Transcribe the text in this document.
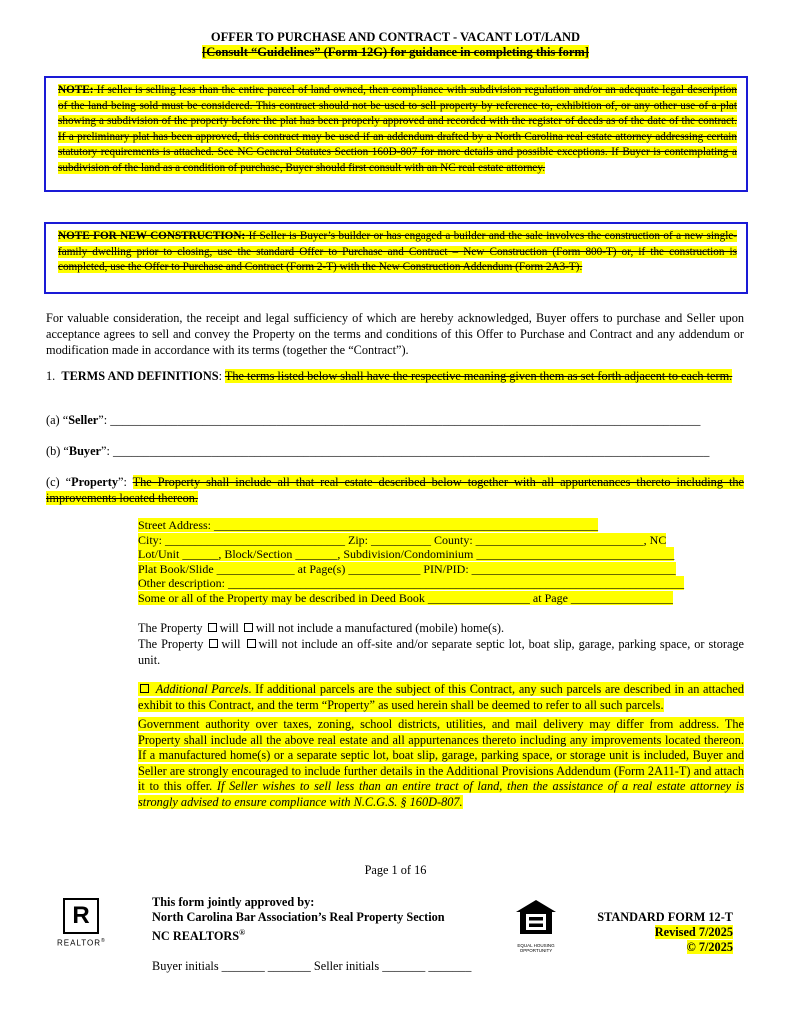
OFFER TO PURCHASE AND CONTRACT - VACANT LOT/LAND
[Consult “Guidelines” (Form 12G) for guidance in completing this form]
NOTE: If seller is selling less than the entire parcel of land owned, then compliance with subdivision regulation and/or an adequate legal description of the land being sold must be considered. This contract should not be used to sell property by reference to, exhibition of, or any other use of a plat showing a subdivision of the property before the plat has been properly approved and recorded with the register of deeds as of the date of the contract. If a preliminary plat has been approved, this contract may be used if an addendum drafted by a North Carolina real estate attorney addressing certain statutory requirements is attached. See NC General Statutes Section 160D-807 for more details and possible exceptions. If Buyer is contemplating a subdivision of the land as a condition of purchase, Buyer should first consult with an NC real estate attorney.
NOTE FOR NEW CONSTRUCTION: If Seller is Buyer’s builder or has engaged a builder and the sale involves the construction of a new single-family dwelling prior to closing, use the standard Offer to Purchase and Contract – New Construction (Form 800-T) or, if the construction is completed, use the Offer to Purchase and Contract (Form 2-T) with the New Construction Addendum (Form 2A3-T).
For valuable consideration, the receipt and legal sufficiency of which are hereby acknowledged, Buyer offers to purchase and Seller upon acceptance agrees to sell and convey the Property on the terms and conditions of this Offer to Purchase and Contract and any addendum or modification made in accordance with its terms (together the “Contract”).
1. TERMS AND DEFINITIONS: The terms listed below shall have the respective meaning given them as set forth adjacent to each term.
(a) “Seller”: ________________________________________________________________________________________________
(b) “Buyer”: _________________________________________________________________________________________________
(c) “Property”: The Property shall include all that real estate described below together with all appurtenances thereto including the improvements located thereon.
Street Address: ________________________________________________________________
City: ______________________________ Zip: __________ County: ____________________________, NC
Lot/Unit ______, Block/Section _______, Subdivision/Condominium _________________________________
Plat Book/Slide _____________ at Page(s) ____________ PIN/PID: __________________________________
Other description: ____________________________________________________________________________
Some or all of the Property may be described in Deed Book _________________ at Page _________________
The Property will will not include a manufactured (mobile) home(s).
The Property will will not include an off-site and/or separate septic lot, boat slip, garage, parking space, or storage unit.
Additional Parcels. If additional parcels are the subject of this Contract, any such parcels are described in an attached exhibit to this Contract, and the term “Property” as used herein shall be deemed to refer to all such parcels.
Government authority over taxes, zoning, school districts, utilities, and mail delivery may differ from address. The Property shall include all the above real estate and all appurtenances thereto including any improvements located thereon. If a manufactured home(s) or a separate septic lot, boat slip, garage, parking space, or storage unit is included, Buyer and Seller are strongly encouraged to include further details in the Additional Provisions Addendum (Form 2A11-T) and attach it to this offer. If Seller wishes to sell less than an entire tract of land, then the assistance of a real estate attorney is strongly advised to ensure compliance with N.C.G.S. § 160D-807.
Page 1 of 16
R
REALTOR®
This form jointly approved by:
North Carolina Bar Association’s Real Property Section
NC REALTORS®
Buyer initials _______ _______ Seller initials _______ _______
EQUAL HOUSING OPPORTUNITY
STANDARD FORM 12-T
Revised 7/2025
© 7/2025
